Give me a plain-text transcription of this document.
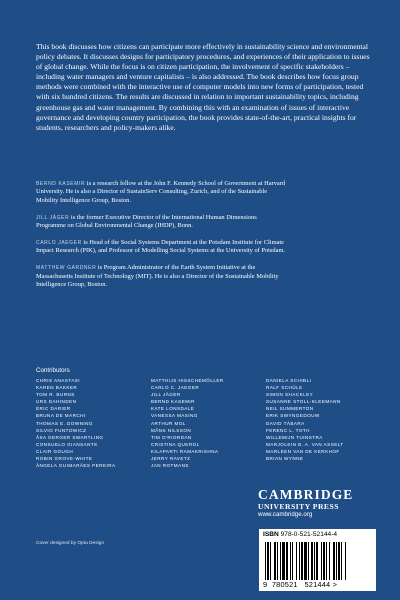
This book discusses how citizens can participate more effectively in sustainability science and environmental policy debates. It discusses designs for participatory procedures, and experiences of their application to issues of global change. While the focus is on citizen participation, the involvement of specific stakeholders – including water managers and venture capitalists – is also addressed. The book describes how focus group methods were combined with the interactive use of computer models into new forms of participation, tested with six hundred citizens. The results are discussed in relation to important sustainability topics, including greenhouse gas and water management. By combining this with an examination of issues of interactive governance and developing country participation, the book provides state-of-the-art, practical insights for students, researchers and policy-makers alike.

BERND KASEMIR is a research fellow at the John F. Kennedy School of Government at Harvard University. He is also a Director of SustainServ Consulting, Zurich, and of the Sustainable Mobility Intelligence Group, Boston.

JILL JÄGER is the former Executive Director of the International Human Dimensions Programme on Global Environmental Change (IHDP), Bonn.

CARLO JAEGER is Head of the Social Systems Department at the Potsdam Institute for Climate Impact Research (PIK), and Professor of Modelling Social Systems at the University of Potsdam.

MATTHEW GARDNER is Program Administrator of the Earth System Initiative at the Massachusetts Institute of Technology (MIT). He is also a Director of the Sustainable Mobility Intelligence Group, Boston.

Contributors
CHRIS ANASTASI
KAREN BAKKER
TOM R. BURNS
URS DAHINDEN
ÉRIC DARIER
BRUNA DE MARCHI
THOMAS E. DOWNING
SILVIO FUNTOWICZ
ÅSA GERGER SWARTLING
CONSUELO GIANSANTE
CLAIR GOUGH
ROBIN GROVE-WHITE
ÂNGELA GUIMARÃES PEREIRA
MATTHIJS HISSCHEMÖLLER
CARLO C. JAEGER
JILL JÄGER
BERND KASEMIR
KATE LONSDALE
VANESSA MASING
ARTHUR MOL
MÅNS NILSSON
TIM O'RIORDAN
CRISTINA QUEROL
KILAPARTI RAMAKRISHNA
JERRY RAVETZ
JAN ROTMANS
DANIELA SCHIBLI
RALF SCHÜLE
SIMON SHACKLEY
SUSANNE STOLL-KLEEMANN
NEIL SUMMERTON
ERIK SWYNGEDOUW
DAVID TÀBARA
FERENC L. TOTH
WILLEMIJN TUINSTRA
MARJOLEIN B. A. VAN ASSELT
MARLEEN VAN DE KERKHOF
BRIAN WYNNE
Cover designed by Opta Design
CAMBRIDGE
UNIVERSITY PRESS
www.cambridge.org
ISBN 978-0-521-52144-4
9 780521 521444 >
